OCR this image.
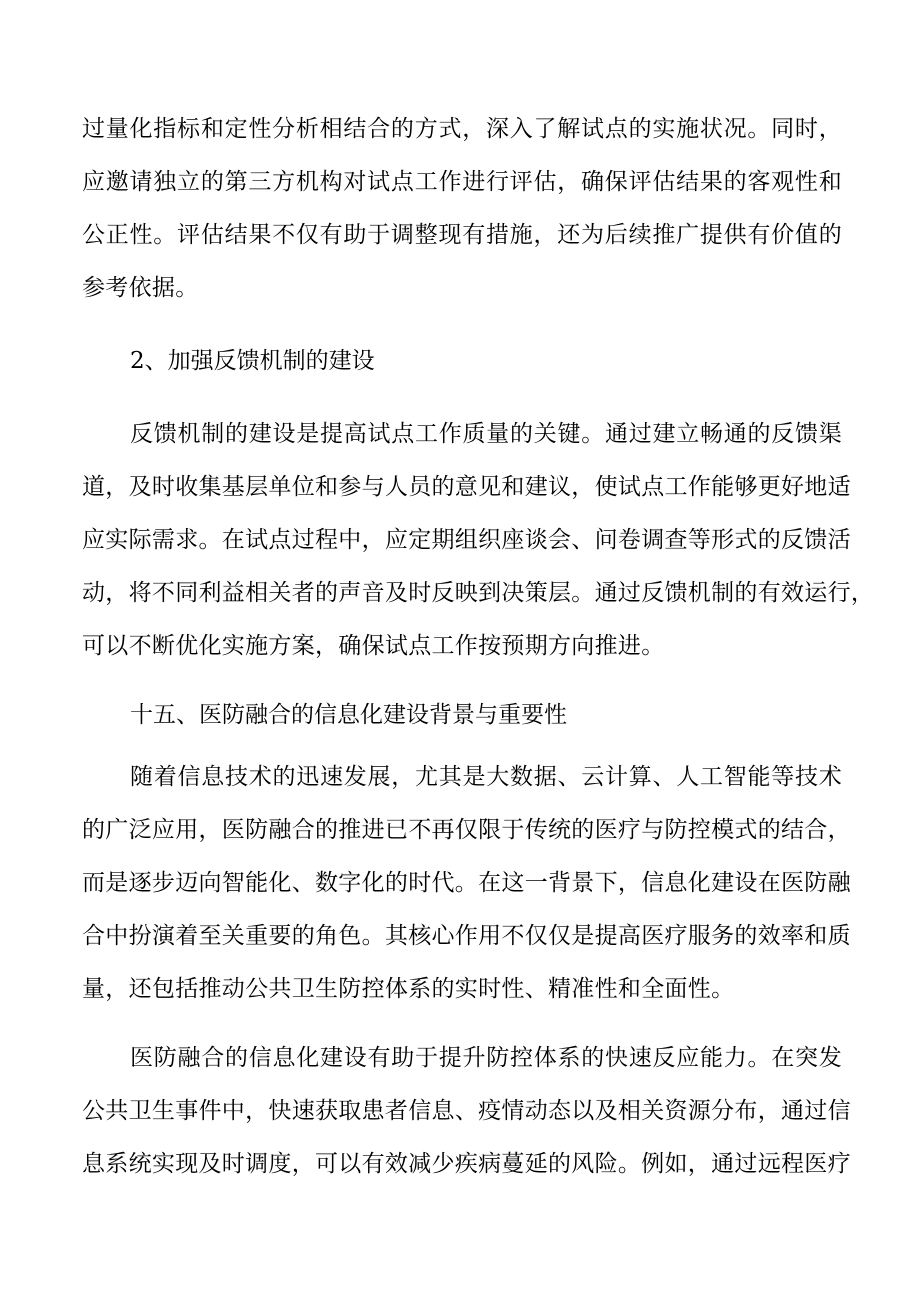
过量化指标和定性分析相结合的方式，深入了解试点的实施状况。同时，
应邀请独立的第三方机构对试点工作进行评估，确保评估结果的客观性和
公正性。评估结果不仅有助于调整现有措施，还为后续推广提供有价值的
参考依据。
2、加强反馈机制的建设
反馈机制的建设是提高试点工作质量的关键。通过建立畅通的反馈渠
道，及时收集基层单位和参与人员的意见和建议，使试点工作能够更好地适
应实际需求。在试点过程中，应定期组织座谈会、问卷调查等形式的反馈活
动，将不同利益相关者的声音及时反映到决策层。通过反馈机制的有效运行，
可以不断优化实施方案，确保试点工作按预期方向推进。
十五、医防融合的信息化建设背景与重要性
随着信息技术的迅速发展，尤其是大数据、云计算、人工智能等技术
的广泛应用，医防融合的推进已不再仅限于传统的医疗与防控模式的结合，
而是逐步迈向智能化、数字化的时代。在这一背景下，信息化建设在医防融
合中扮演着至关重要的角色。其核心作用不仅仅是提高医疗服务的效率和质
量，还包括推动公共卫生防控体系的实时性、精准性和全面性。
医防融合的信息化建设有助于提升防控体系的快速反应能力。在突发
公共卫生事件中，快速获取患者信息、疫情动态以及相关资源分布，通过信
息系统实现及时调度，可以有效减少疾病蔓延的风险。例如，通过远程医疗
